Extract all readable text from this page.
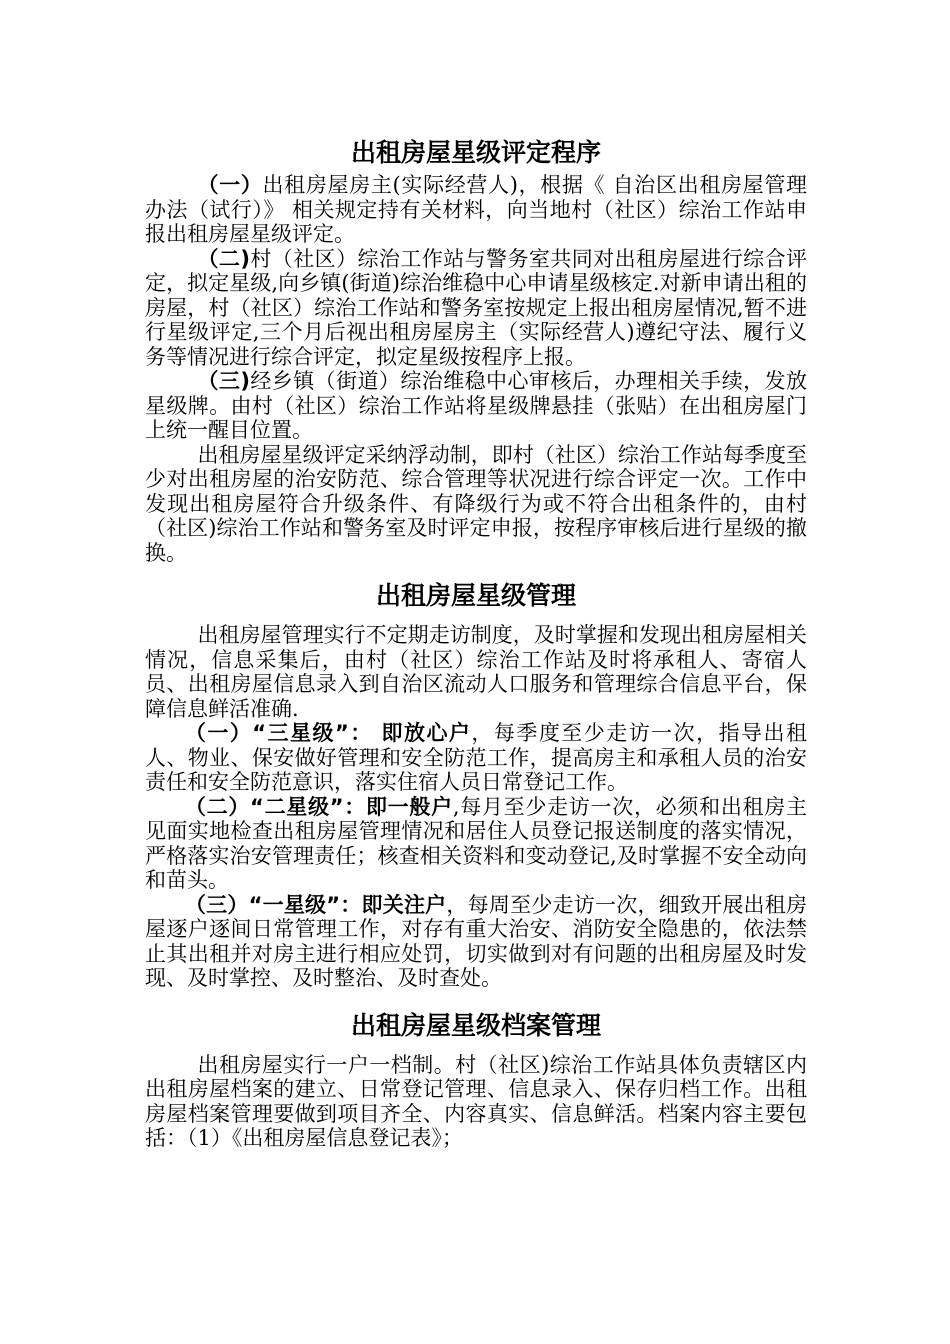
出租房屋星级评定程序

（一）出租房屋房主(实际经营人)，根据《 自治区出租房屋管理办法（试行）》 相关规定持有关材料，向当地村（社区）综治工作站申报出租房屋星级评定。

（二)村（社区）综治工作站与警务室共同对出租房屋进行综合评定，拟定星级,向乡镇(街道)综治维稳中心申请星级核定.对新申请出租的房屋，村（社区）综治工作站和警务室按规定上报出租房屋情况,暂不进行星级评定,三个月后视出租房屋房主（实际经营人)遵纪守法、履行义务等情况进行综合评定，拟定星级按程序上报。

（三)经乡镇（街道）综治维稳中心审核后，办理相关手续，发放星级牌。由村（社区）综治工作站将星级牌悬挂（张贴）在出租房屋门上统一醒目位置。

出租房屋星级评定采纳浮动制，即村（社区）综治工作站每季度至少对出租房屋的治安防范、综合管理等状况进行综合评定一次。工作中发现出租房屋符合升级条件、有降级行为或不符合出租条件的，由村（社区)综治工作站和警务室及时评定申报，按程序审核后进行星级的撤换。

出租房屋星级管理

出租房屋管理实行不定期走访制度，及时掌握和发现出租房屋相关情况，信息采集后，由村（社区）综治工作站及时将承租人、寄宿人员、出租房屋信息录入到自治区流动人口服务和管理综合信息平台，保障信息鲜活准确.

（一）“三星级”： 即放心户，每季度至少走访一次，指导出租人、物业、保安做好管理和安全防范工作，提高房主和承租人员的治安责任和安全防范意识，落实住宿人员日常登记工作。

（二）“二星级”：即一般户,每月至少走访一次，必须和出租房主见面实地检查出租房屋管理情况和居住人员登记报送制度的落实情况，严格落实治安管理责任；核查相关资料和变动登记,及时掌握不安全动向和苗头。

（三）“一星级”：即关注户，每周至少走访一次，细致开展出租房屋逐户逐间日常管理工作，对存有重大治安、消防安全隐患的，依法禁止其出租并对房主进行相应处罚，切实做到对有问题的出租房屋及时发现、及时掌控、及时整治、及时查处。

出租房屋星级档案管理

出租房屋实行一户一档制。村（社区)综治工作站具体负责辖区内出租房屋档案的建立、日常登记管理、信息录入、保存归档工作。出租房屋档案管理要做到项目齐全、内容真实、信息鲜活。档案内容主要包括：（1）《出租房屋信息登记表》；
